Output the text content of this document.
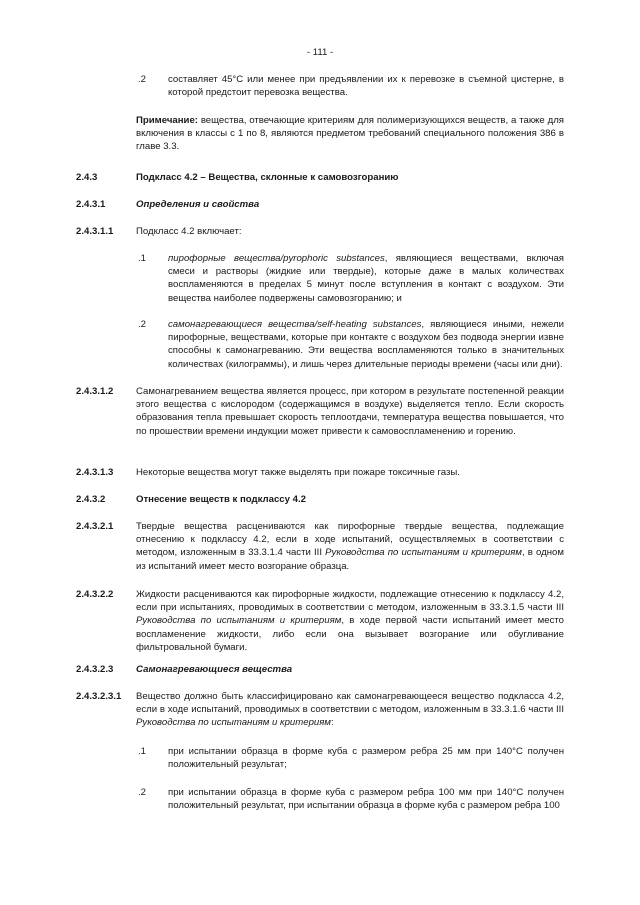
- 111 -
.2 составляет 45°C или менее при предъявлении их к перевозке в съемной цистерне, в которой предстоит перевозка вещества.
Примечание: вещества, отвечающие критериям для полимеризующихся веществ, а также для включения в классы с 1 по 8, являются предметом требований специального положения 386 в главе 3.3.
2.4.3	Подкласс 4.2 – Вещества, склонные к самовозгоранию
2.4.3.1	Определения и свойства
2.4.3.1.1 Подкласс 4.2 включает:
.1 пирофорные вещества/pyrophoric substances, являющиеся веществами, включая смеси и растворы (жидкие или твердые), которые даже в малых количествах воспламеняются в пределах 5 минут после вступления в контакт с воздухом. Эти вещества наиболее подвержены самовозгоранию; и
.2 самонагревающиеся вещества/self-heating substances, являющиеся иными, нежели пирофорные, веществами, которые при контакте с воздухом без подвода энергии извне способны к самонагреванию. Эти вещества воспламеняются только в значительных количествах (килограммы), и лишь через длительные периоды времени (часы или дни).
2.4.3.1.2 Самонагреванием вещества является процесс, при котором в результате постепенной реакции этого вещества с кислородом (содержащимся в воздухе) выделяется тепло. Если скорость образования тепла превышает скорость теплоотдачи, температура вещества повышается, что по прошествии времени индукции может привести к самовоспламенению и горению.
2.4.3.1.3 Некоторые вещества могут также выделять при пожаре токсичные газы.
2.4.3.2	Отнесение веществ к подклассу 4.2
2.4.3.2.1 Твердые вещества расцениваются как пирофорные твердые вещества, подлежащие отнесению к подклассу 4.2, если в ходе испытаний, осуществляемых в соответствии с методом, изложенным в 33.3.1.4 части III Руководства по испытаниям и критериям, в одном из испытаний имеет место возгорание образца.
2.4.3.2.2 Жидкости расцениваются как пирофорные жидкости, подлежащие отнесению к подклассу 4.2, если при испытаниях, проводимых в соответствии с методом, изложенным в 33.3.1.5 части III Руководства по испытаниям и критериям, в ходе первой части испытаний имеет место воспламенение жидкости, либо если она вызывает возгорание или обугливание фильтровальной бумаги.
2.4.3.2.3 Самонагревающиеся вещества
2.4.3.2.3.1 Вещество должно быть классифицировано как самонагревающееся вещество подкласса 4.2, если в ходе испытаний, проводимых в соответствии с методом, изложенным в 33.3.1.6 части III Руководства по испытаниям и критериям:
.1 при испытании образца в форме куба с размером ребра 25 мм при 140°C получен положительный результат;
.2 при испытании образца в форме куба с размером ребра 100 мм при 140°C получен положительный результат, при испытании образца в форме куба с размером ребра 100
